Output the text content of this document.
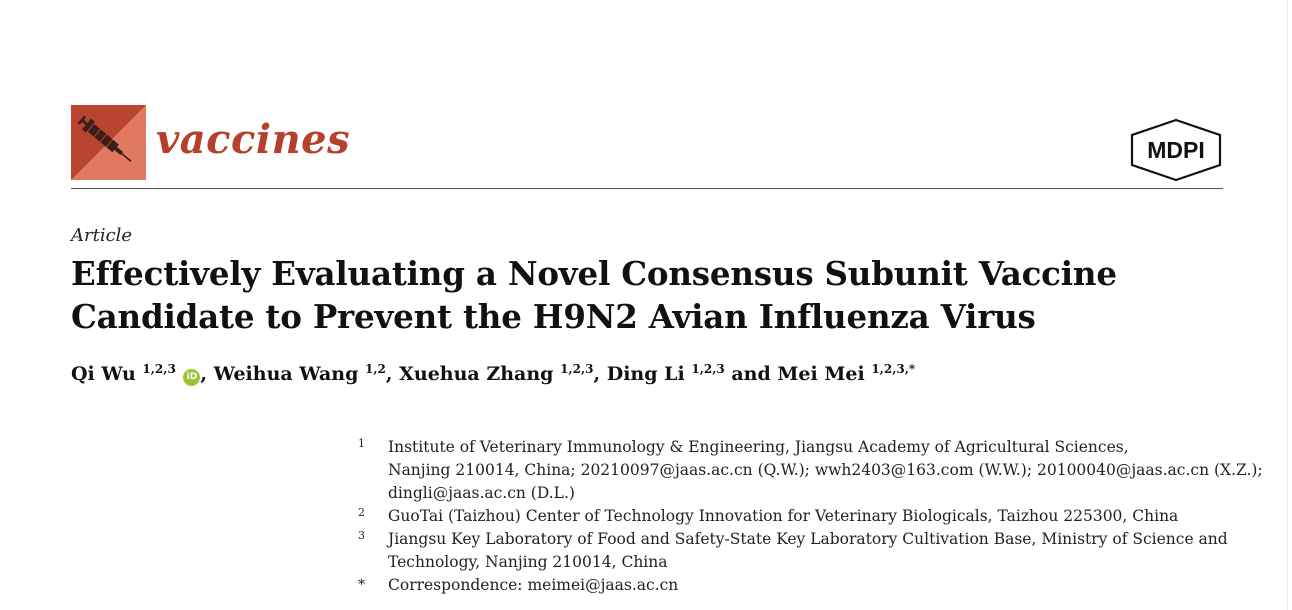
vaccines	MDPI
Article
Effectively Evaluating a Novel Consensus Subunit Vaccine
Candidate to Prevent the H9N2 Avian Influenza Virus
Qi Wu $^{1,2,3}$ iD , Weihua Wang $^{1,2}$, Xuehua Zhang $^{1,2,3}$, Ding Li $^{1,2,3}$ and Mei Mei $^{1,2,3,*}$
1 Institute of Veterinary Immunology & Engineering, Jiangsu Academy of Agricultural Sciences,
Nanjing 210014, China; 20210097@jaas.ac.cn (Q.W.); wwh2403@163.com (W.W.); 20100040@jaas.ac.cn (X.Z.);
dingli@jaas.ac.cn (D.L.)
2 GuoTai (Taizhou) Center of Technology Innovation for Veterinary Biologicals, Taizhou 225300, China
3 Jiangsu Key Laboratory of Food and Safety-State Key Laboratory Cultivation Base, Ministry of Science and
Technology, Nanjing 210014, China
* Correspondence: meimei@jaas.ac.cn
